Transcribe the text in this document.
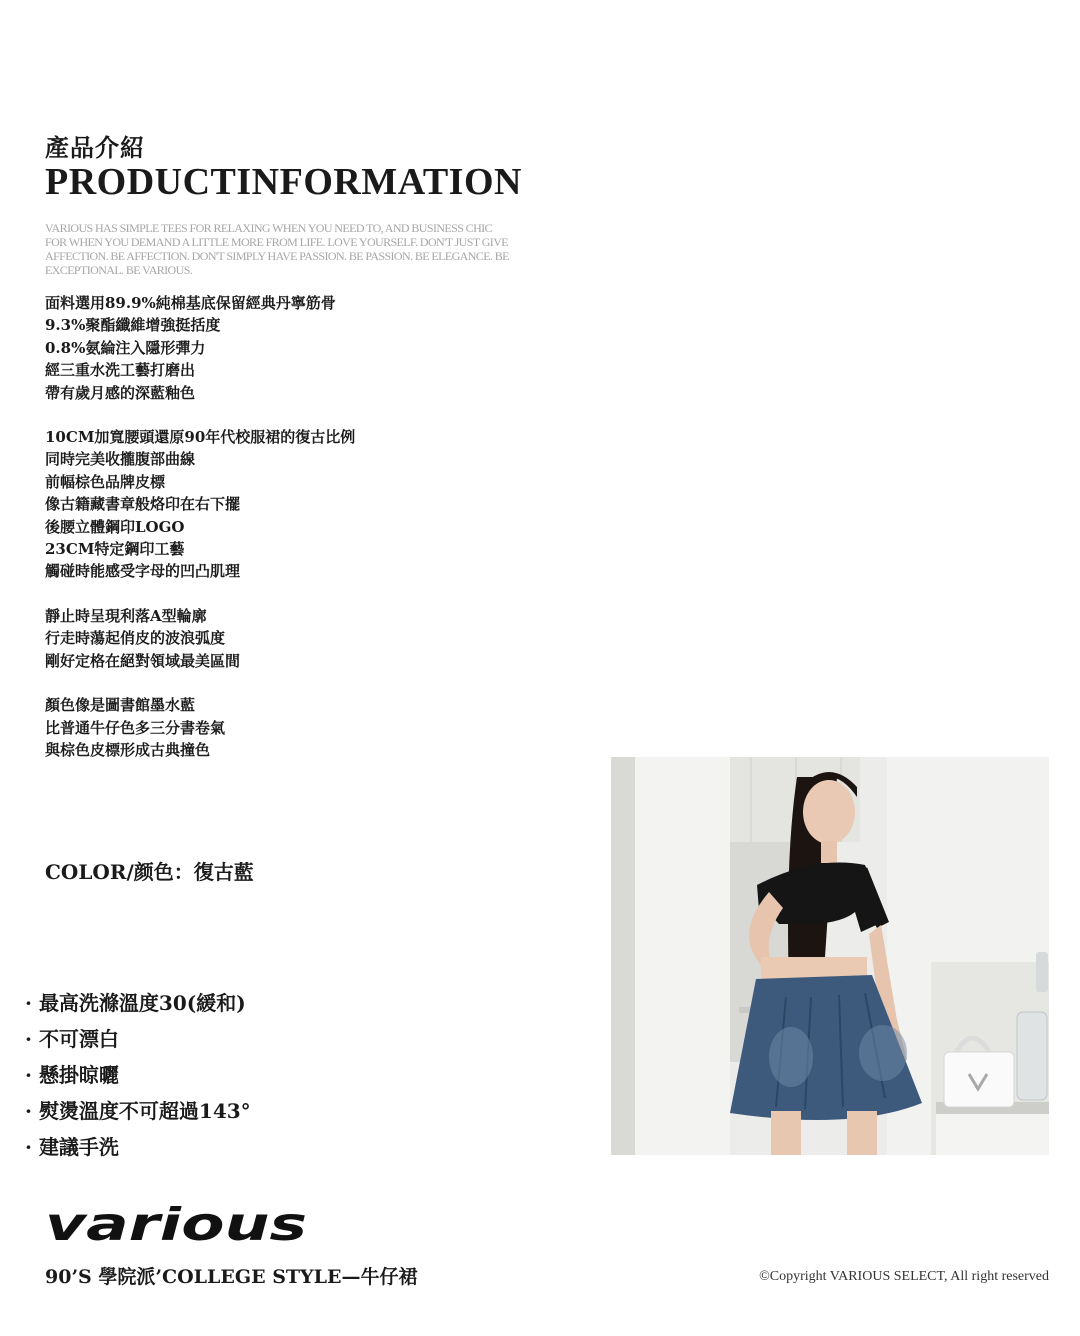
產品介紹
PRODUCTINFORMATION
VARIOUS HAS SIMPLE TEES FOR RELAXING WHEN YOU NEED TO, AND BUSINESS CHIC FOR WHEN YOU DEMAND A LITTLE MORE FROM LIFE. LOVE YOURSELF. DON'T JUST GIVE AFFECTION. BE AFFECTION. DON'T SIMPLY HAVE PASSION. BE PASSION. BE ELEGANCE. BE EXCEPTIONAL. BE VARIOUS.
面料選用89.9%純棉基底保留經典丹寧筋骨
9.3%聚酯纖維增強挺括度
0.8%氨綸注入隱形彈力
經三重水洗工藝打磨出
帶有歲月感的深藍釉色
10CM加寬腰頭還原90年代校服裙的復古比例
同時完美收攏腹部曲線
前幅棕色品牌皮標
像古籍藏書章般烙印在右下擺
後腰立體鋼印LOGO
23CM特定鋼印工藝
觸碰時能感受字母的凹凸肌理
靜止時呈現利落A型輪廓
行走時蕩起俏皮的波浪弧度
剛好定格在絕對領域最美區間
顏色像是圖書館墨水藍
比普通牛仔色多三分書卷氣
與棕色皮標形成古典撞色
COLOR/颜色：復古藍
· 最高洗滌溫度30(緩和)
· 不可漂白
· 懸掛晾曬
· 熨燙溫度不可超過143°
· 建議手洗
various
90’S 學院派’COLLEGE STYLE—牛仔裙	©Copyright VARIOUS SELECT, All right reserved
